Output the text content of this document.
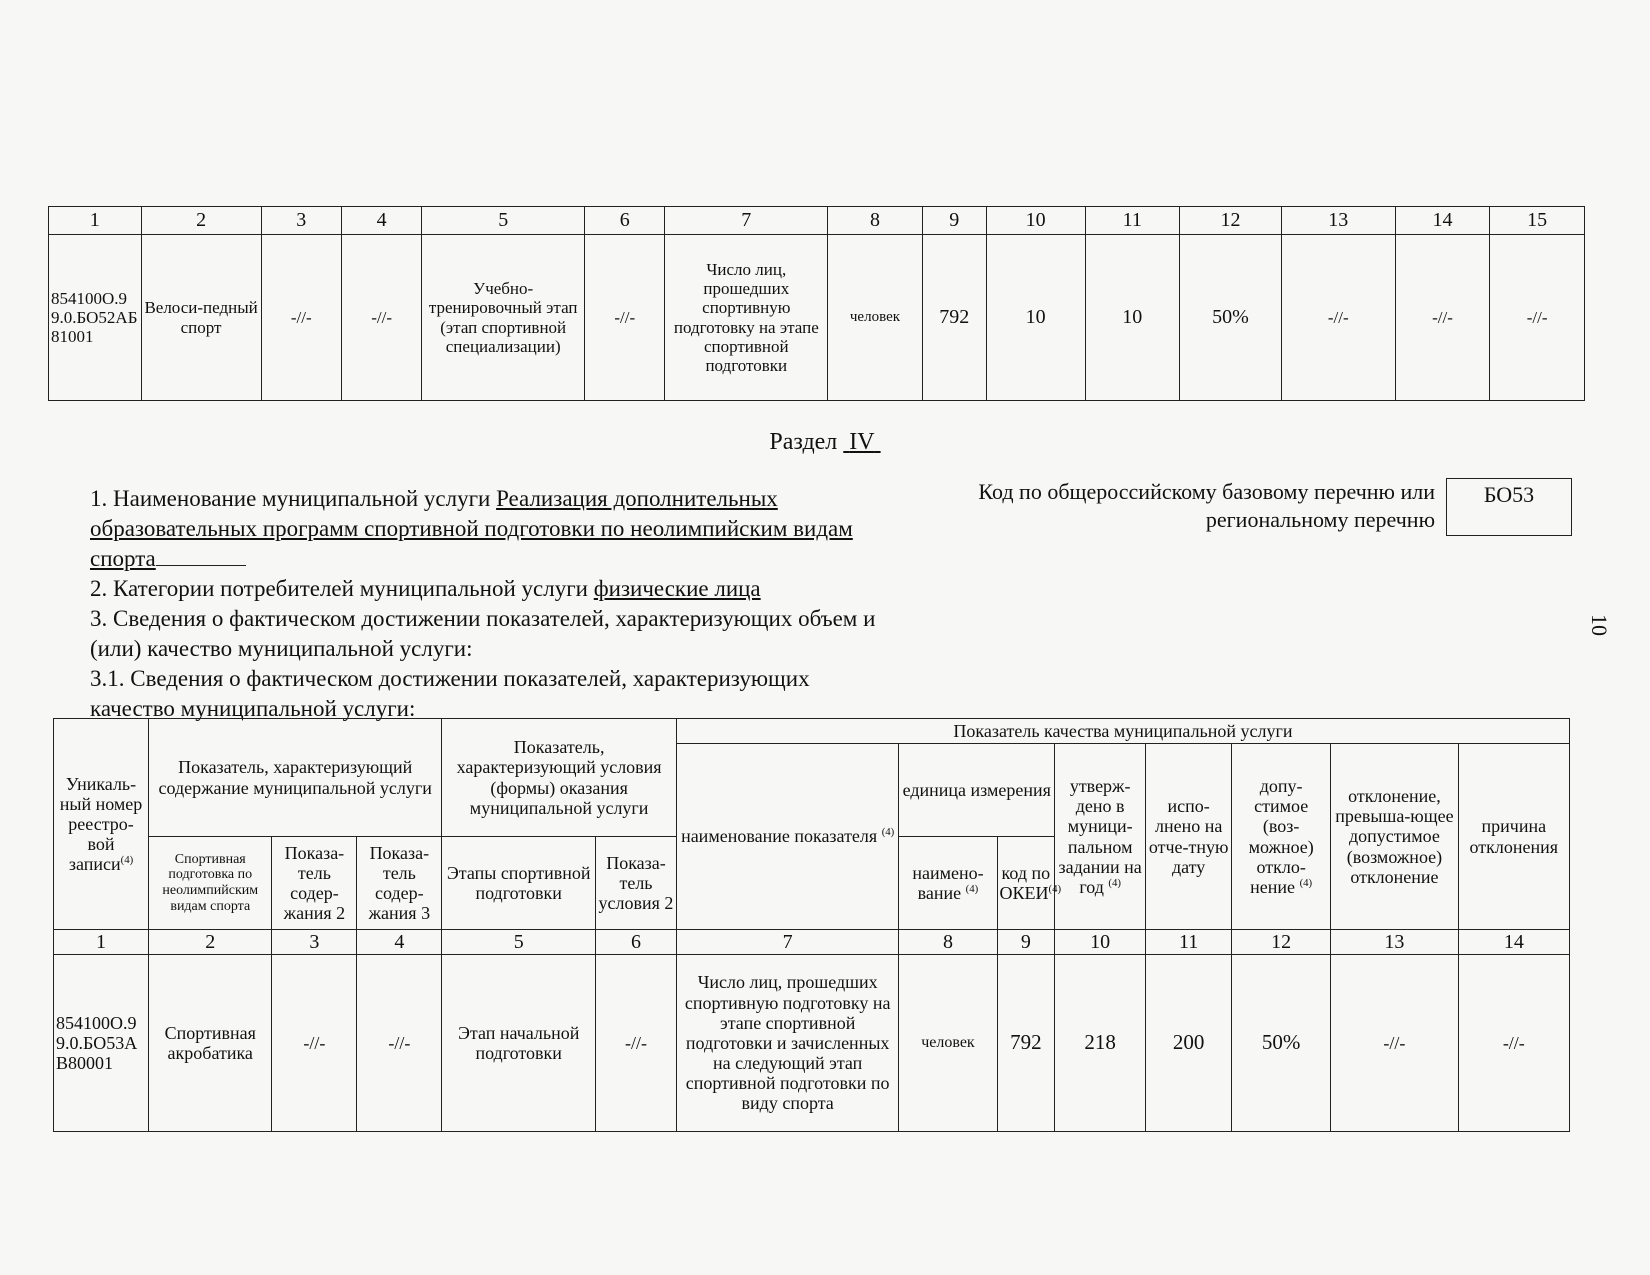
1	2	3	4	5	6	7	8	9	10	11	12	13	14	15
854100О.99.0.БО52АБ81001	Велоси-педный спорт	-//-	-//-	Учебно-тренировочный этап (этап спортивной специализации)	-//-	Число лиц, прошедших спортивную подготовку на этапе спортивной подготовки	человек	792	10	10	50%	-//-	-//-	-//-
Раздел IV

1. Наименование муниципальной услуги Реализация дополнительных образовательных программ спортивной подготовки по неолимпийским видам спорта

2. Категории потребителей муниципальной услуги физические лица

3. Сведения о фактическом достижении показателей, характеризующих объем и (или) качество муниципальной услуги:

3.1. Сведения о фактическом достижении показателей, характеризующих качество муниципальной услуги:

Код по общероссийскому базовому перечню или региональному перечню
БО53
10
Уникаль-ный номер реестро-вой записи$^{(4)}$	Показатель, характеризующий содержание муниципальной услуги			Показатель, характеризующий условия (формы) оказания муниципальной услуги		Показатель качества муниципальной услуги							
						наименование показателя $^{(4)}$	единица измерения		утверж-дено в муници-пальном задании на год $^{(4)}$	испо-лнено на отче-тную дату	допу-стимое (воз-можное) откло-нение $^{(4)}$	отклонение, превыша-ющее допустимое (возможное) отклонение	причина отклонения
	Спортивная подготовка по неолимпийским видам спорта	Показа-тель содер-жания 2	Показа-тель содер-жания 3	Этапы спортивной подготовки	Показа-тель условия 2		наимено-вание $^{(4)}$	код по ОКЕИ$^{(4)}$
1	2	3	4	5	6	7	8	9	10	11	12	13	14
854100О.99.0.БО53АВ80001	Спортивная акробатика	-//-	-//-	Этап начальной подготовки	-//-	Число лиц, прошедших спортивную подготовку на этапе спортивной подготовки и зачисленных на следующий этап спортивной подготовки по виду спорта	человек	792	218	200	50%	-//-	-//-
